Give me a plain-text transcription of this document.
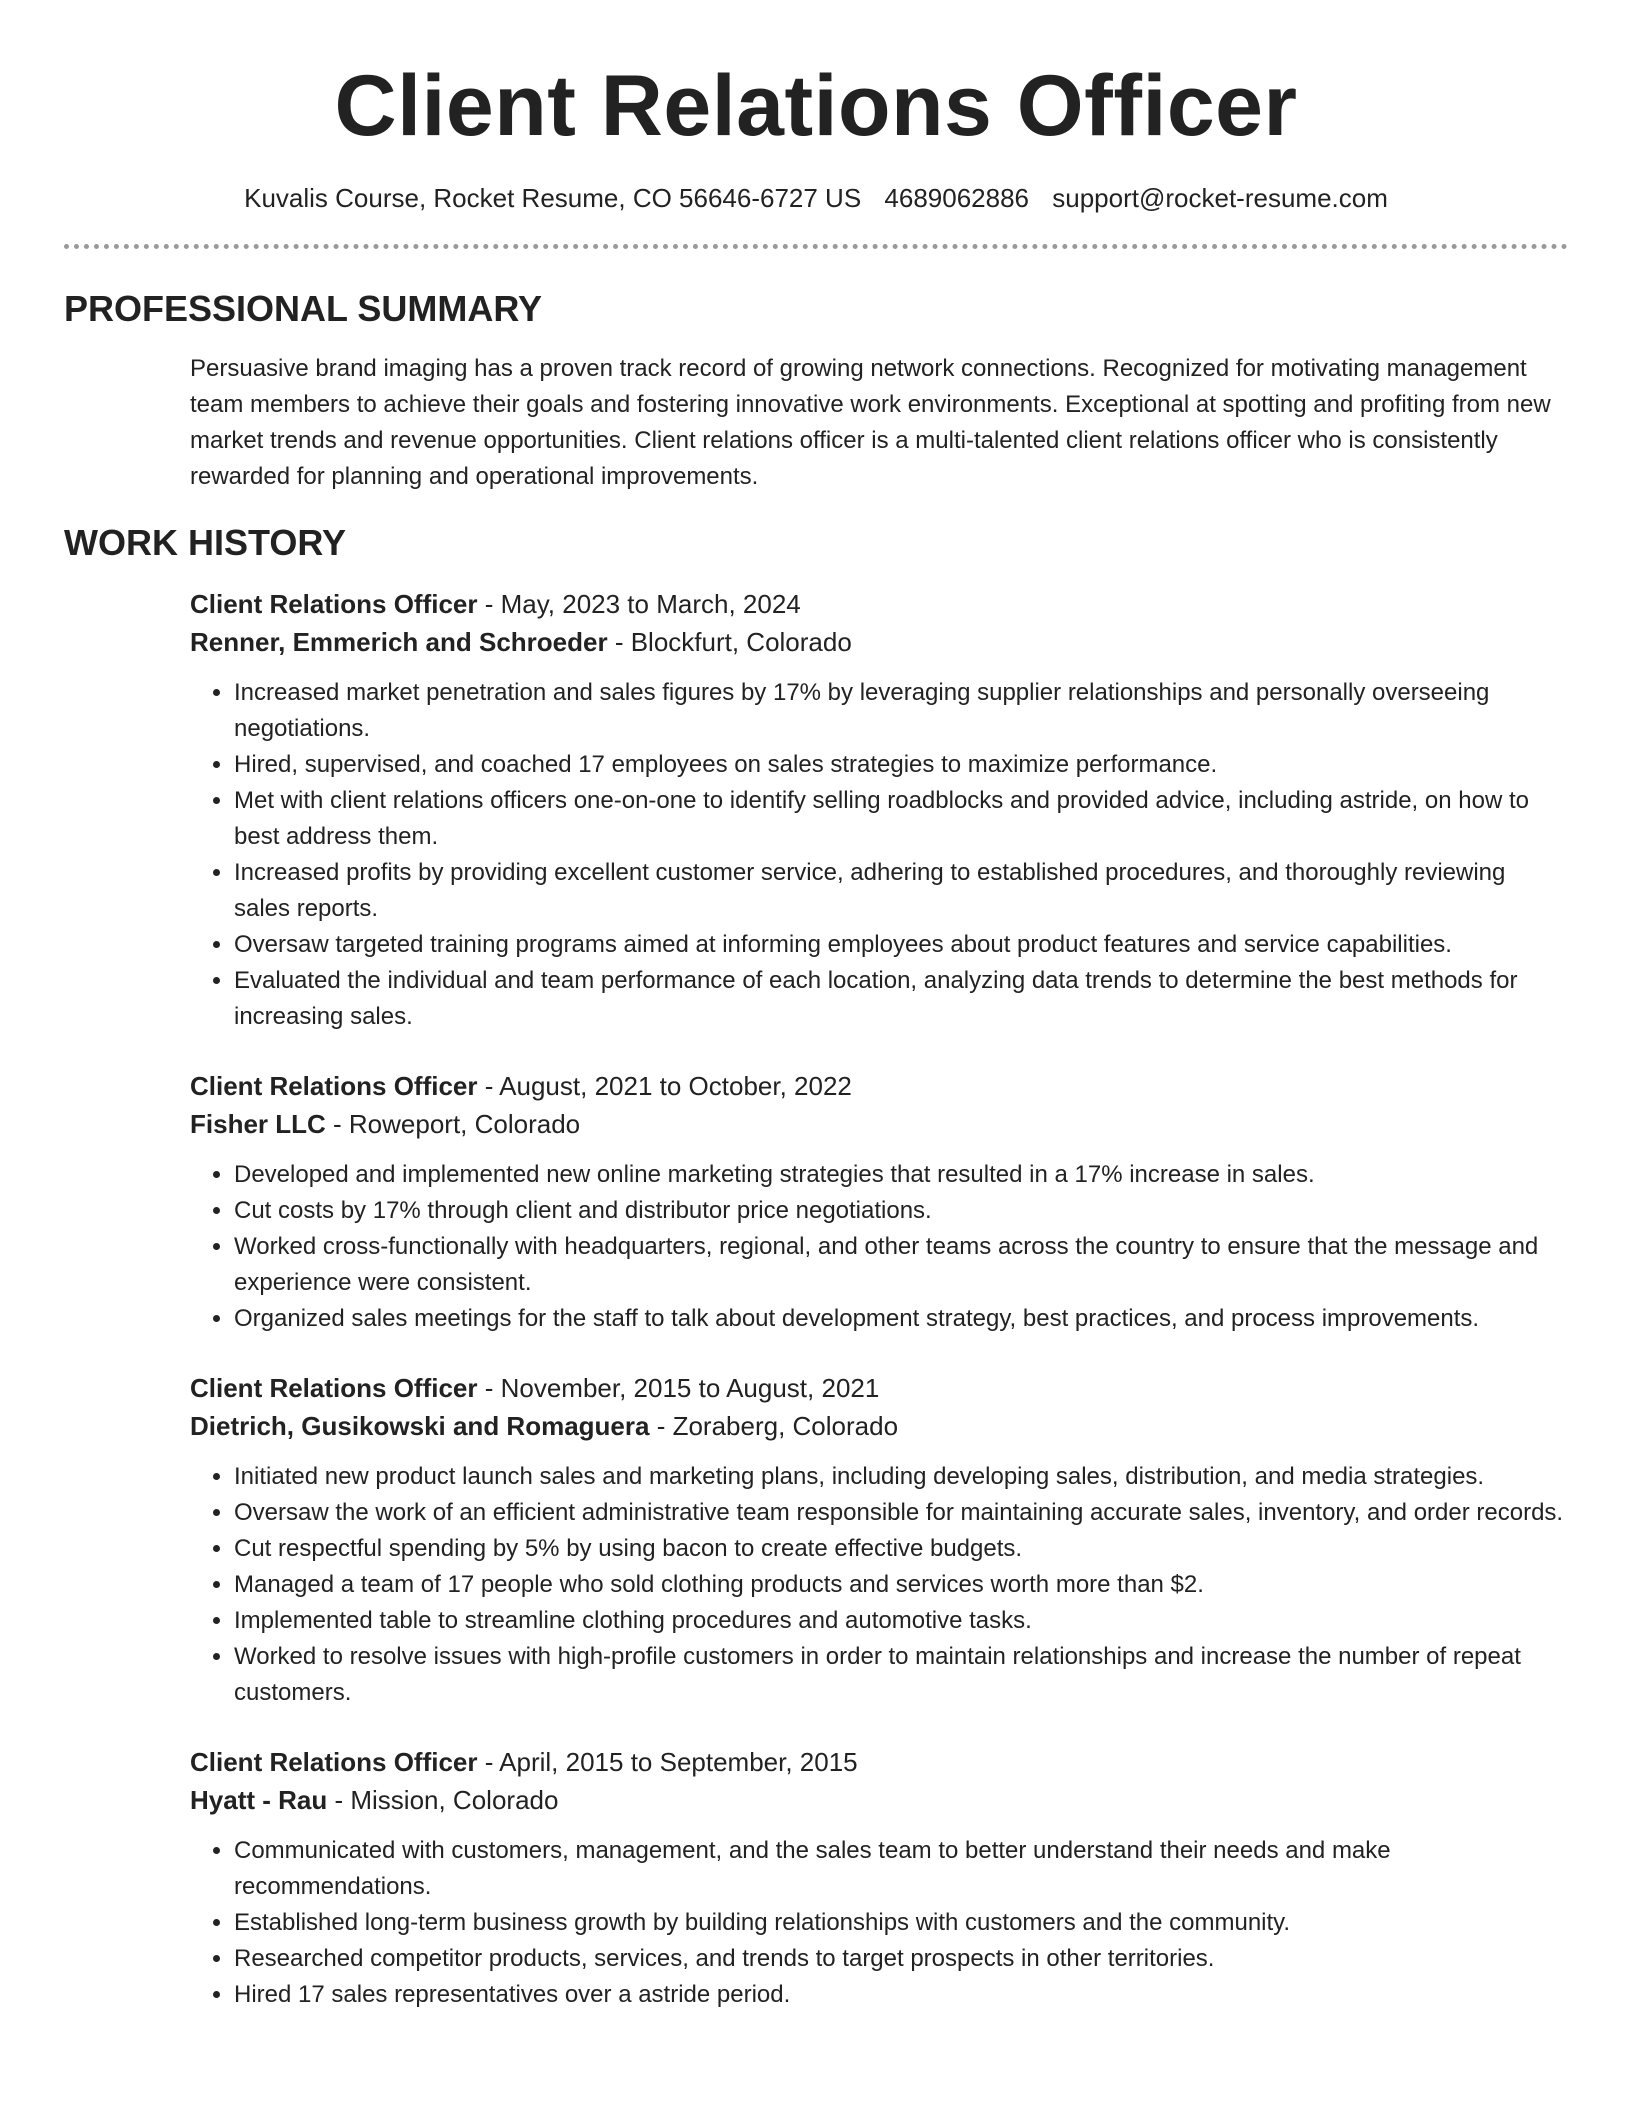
Client Relations Officer
Kuvalis Course, Rocket Resume, CO 56646-6727 US 4689062886 support@rocket-resume.com
PROFESSIONAL SUMMARY
Persuasive brand imaging has a proven track record of growing network connections. Recognized for motivating management team members to achieve their goals and fostering innovative work environments. Exceptional at spotting and profiting from new market trends and revenue opportunities. Client relations officer is a multi-talented client relations officer who is consistently rewarded for planning and operational improvements.
WORK HISTORY
Client Relations Officer - May, 2023 to March, 2024
Renner, Emmerich and Schroeder - Blockfurt, Colorado
• Increased market penetration and sales figures by 17% by leveraging supplier relationships and personally overseeing negotiations.
• Hired, supervised, and coached 17 employees on sales strategies to maximize performance.
• Met with client relations officers one-on-one to identify selling roadblocks and provided advice, including astride, on how to best address them.
• Increased profits by providing excellent customer service, adhering to established procedures, and thoroughly reviewing sales reports.
• Oversaw targeted training programs aimed at informing employees about product features and service capabilities.
• Evaluated the individual and team performance of each location, analyzing data trends to determine the best methods for increasing sales.
Client Relations Officer - August, 2021 to October, 2022
Fisher LLC - Roweport, Colorado
• Developed and implemented new online marketing strategies that resulted in a 17% increase in sales.
• Cut costs by 17% through client and distributor price negotiations.
• Worked cross-functionally with headquarters, regional, and other teams across the country to ensure that the message and experience were consistent.
• Organized sales meetings for the staff to talk about development strategy, best practices, and process improvements.
Client Relations Officer - November, 2015 to August, 2021
Dietrich, Gusikowski and Romaguera - Zoraberg, Colorado
• Initiated new product launch sales and marketing plans, including developing sales, distribution, and media strategies.
• Oversaw the work of an efficient administrative team responsible for maintaining accurate sales, inventory, and order records.
• Cut respectful spending by 5% by using bacon to create effective budgets.
• Managed a team of 17 people who sold clothing products and services worth more than $2.
• Implemented table to streamline clothing procedures and automotive tasks.
• Worked to resolve issues with high-profile customers in order to maintain relationships and increase the number of repeat customers.
Client Relations Officer - April, 2015 to September, 2015
Hyatt - Rau - Mission, Colorado
• Communicated with customers, management, and the sales team to better understand their needs and make recommendations.
• Established long-term business growth by building relationships with customers and the community.
• Researched competitor products, services, and trends to target prospects in other territories.
• Hired 17 sales representatives over a astride period.
